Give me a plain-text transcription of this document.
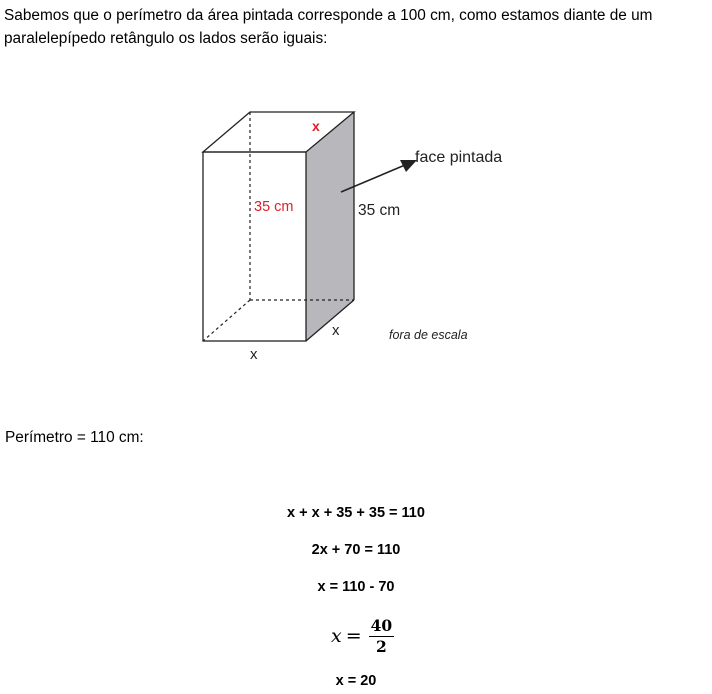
Sabemos que o perímetro da área pintada corresponde a 100 cm, como estamos diante de um
paralelepípedo retângulo os lados serão iguais:
x
35 cm	35 cm
face pintada
x
x
fora de escala
Perímetro = 110 cm:
x + x + 35 + 35 = 110
2x + 70 = 110
x = 110 - 70
$x = \frac{40}{2}$
x = 20
